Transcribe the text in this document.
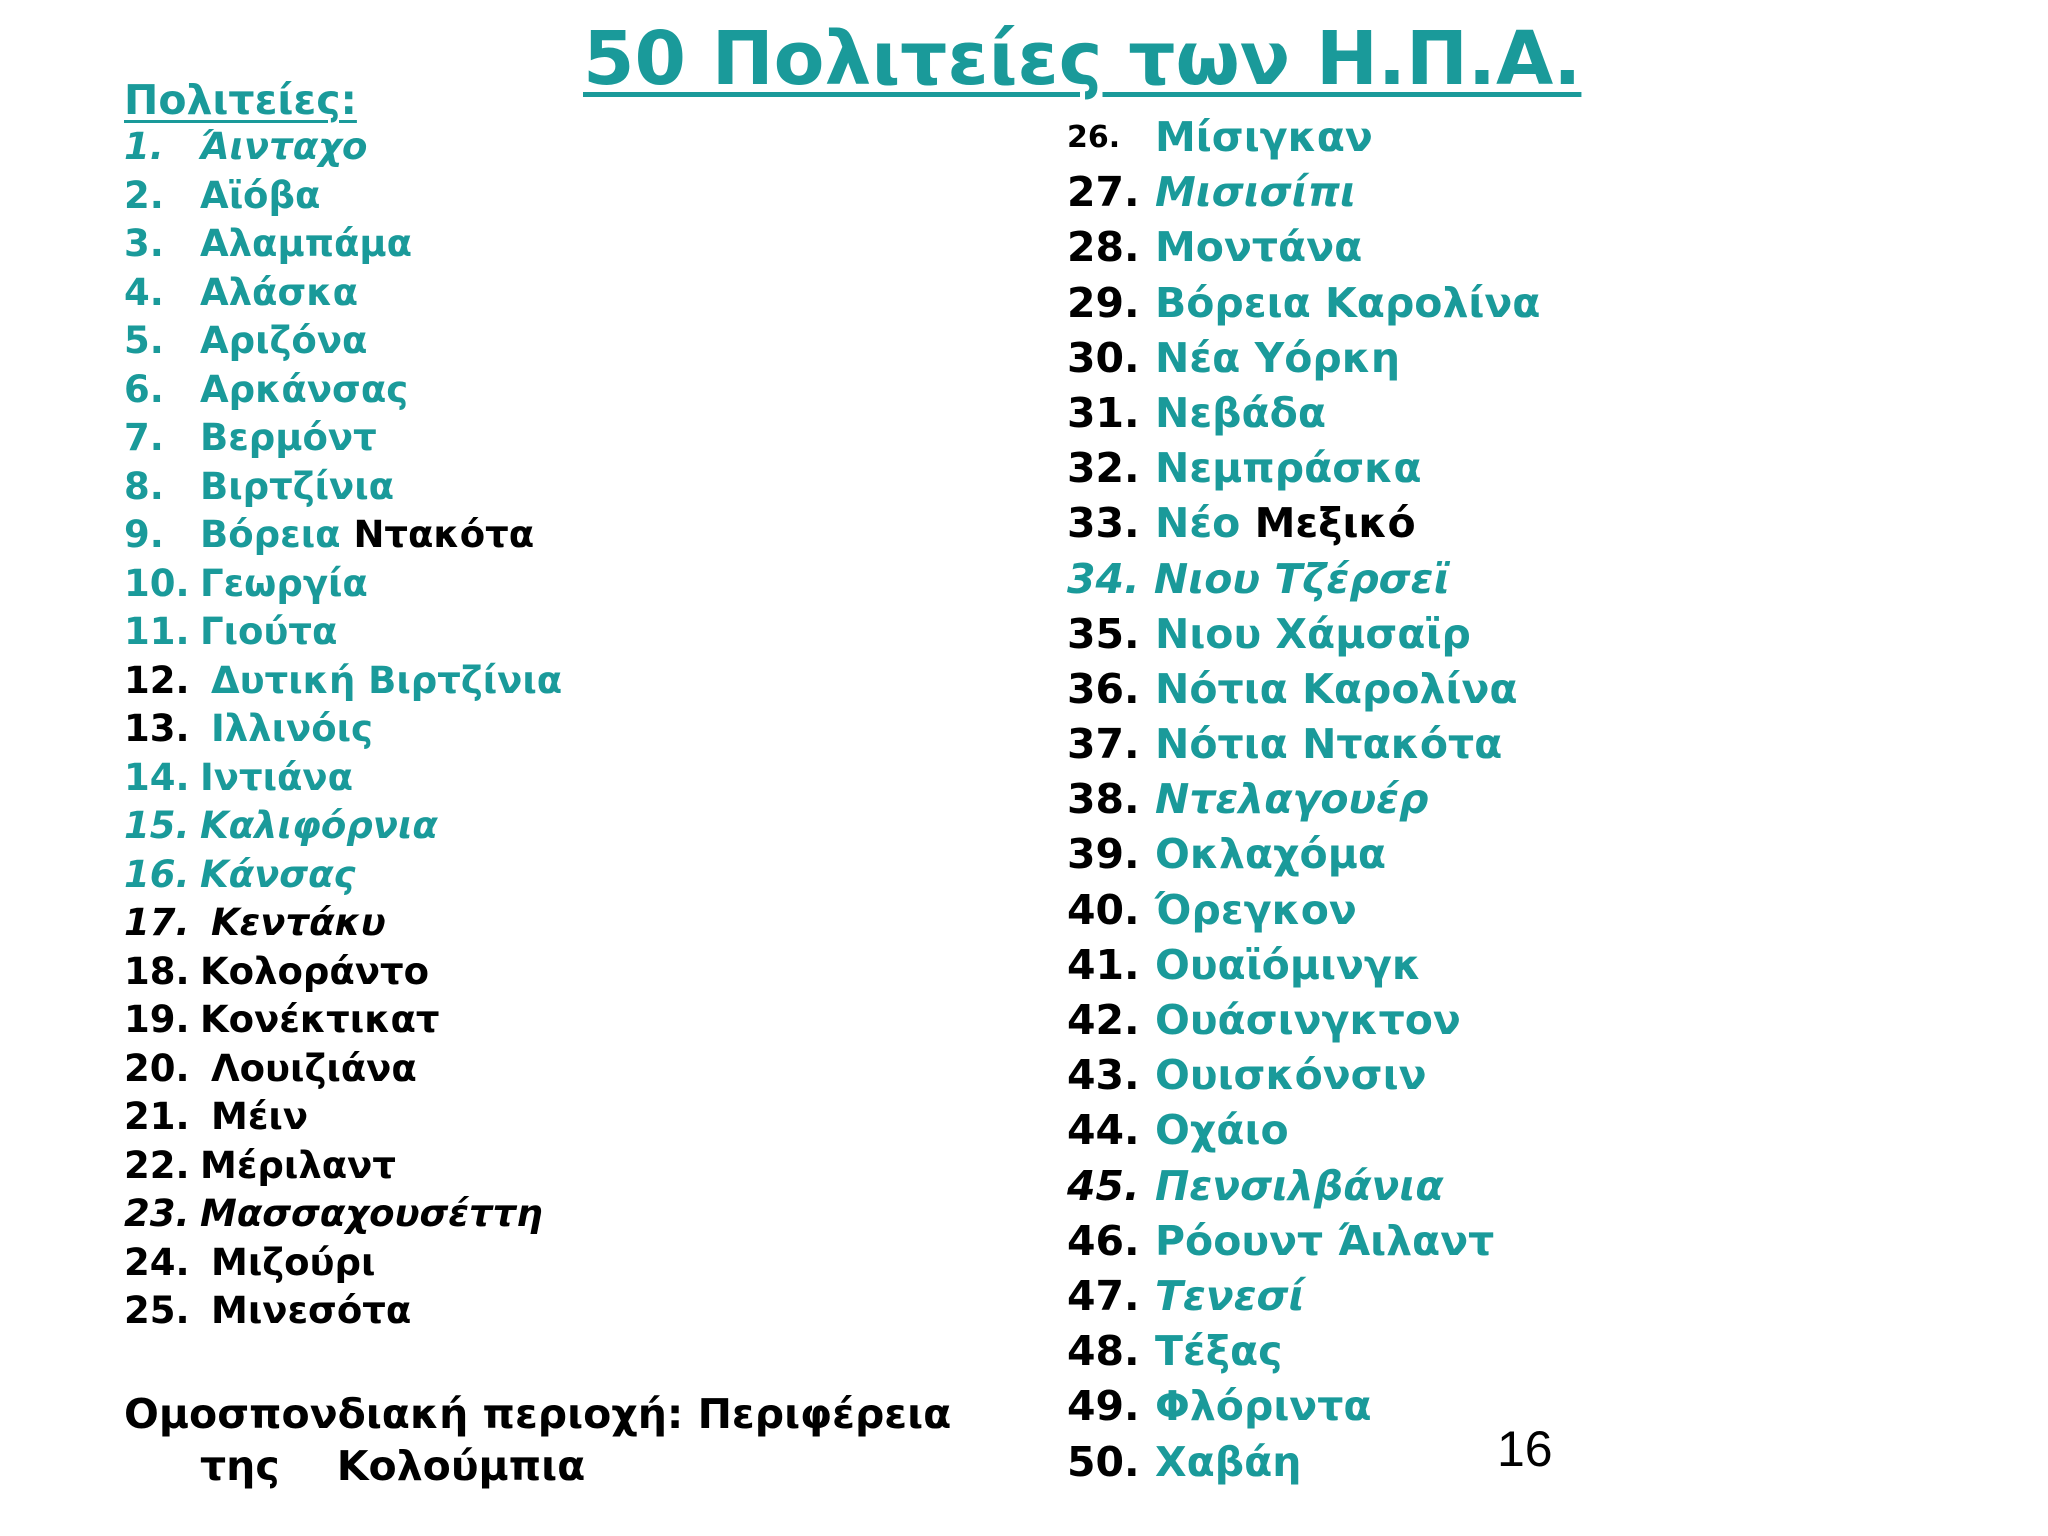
50 Πολιτείες των Η.Π.Α.
Πολιτείες:
1. Άινταχο
2. Αϊόβα
3. Αλαμπάμα
4. Αλάσκα
5. Αριζόνα
6. Αρκάνσας
7. Βερμόντ
8. Βιρτζίνια
9. Βόρεια Ντακότα
10. Γεωργία
11. Γιούτα
12. Δυτική Βιρτζίνια
13. Ιλλινόις
14. Ιντιάνα
15. Καλιφόρνια
16. Κάνσας
17. Κεντάκυ
18. Κολοράντο
19. Κονέκτικατ
20. Λουιζιάνα
21. Μέιν
22. Μέριλαντ
23. Μασσαχουσέττη
24. Μιζούρι
25. Μινεσότα
26. Μίσιγκαν
27. Μισισίπι
28. Μοντάνα
29. Βόρεια Καρολίνα
30. Νέα Υόρκη
31. Νεβάδα
32. Νεμπράσκα
33. Νέο Μεξικό
34. Νιου Τζέρσεϊ
35. Νιου Χάμσαϊρ
36. Νότια Καρολίνα
37. Νότια Ντακότα
38. Ντελαγουέρ
39. Οκλαχόμα
40. Όρεγκον
41. Ουαϊόμινγκ
42. Ουάσινγκτον
43. Ουισκόνσιν
44. Οχάιο
45. Πενσιλβάνια
46. Ρόουντ Άιλαντ
47. Τενεσί
48. Τέξας
49. Φλόριντα
50. Χαβάη

Ομοσπονδιακή περιοχή: Περιφέρεια
της Κολούμπια	16
